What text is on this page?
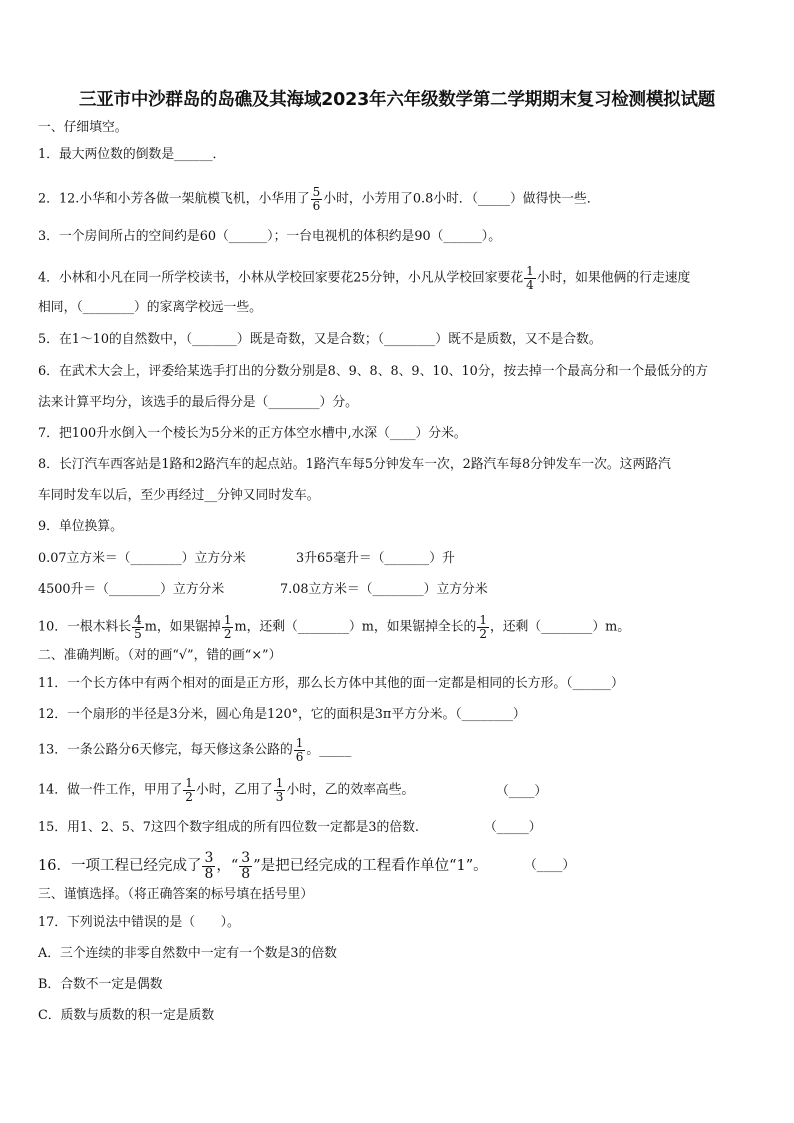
三亚市中沙群岛的岛礁及其海域2023年六年级数学第二学期期末复习检测模拟试题
一、仔细填空。
1．最大两位数的倒数是______．
2．12.小华和小芳各做一架航模飞机，小华用了 $\frac{5}{6}$ 小时，小芳用了0.8小时．（_____）做得快一些．
3．一个房间所占的空间约是60（______）；一台电视机的体积约是90（______）。
4．小林和小凡在同一所学校读书，小林从学校回家要花25分钟，小凡从学校回家要花 $\frac{1}{4}$ 小时，如果他俩的行走速度
相同，（________）的家离学校远一些。
5．在1～10的自然数中，（_______）既是奇数，又是合数；（________）既不是质数，又不是合数。
6．在武术大会上，评委给某选手打出的分数分别是8、9、8、8、9、10、10分，按去掉一个最高分和一个最低分的方
法来计算平均分，该选手的最后得分是（________）分。
7．把100升水倒入一个棱长为5分米的正方体空水槽中,水深（____）分米。
8．长汀汽车西客站是1路和2路汽车的起点站。1路汽车每5分钟发车一次，2路汽车每8分钟发车一次。这两路汽
车同时发车以后，至少再经过__分钟又同时发车。
9．单位换算。
0.07立方米＝（________）立方分米	3升65毫升＝（_______）升
4500升＝（________）立方分米	7.08立方米＝（________）立方分米
10．一根木料长 $\frac{4}{5}$ m，如果锯掉 $\frac{1}{2}$ m，还剩（________）m，如果锯掉全长的 $\frac{1}{2}$ ，还剩（________）m。
二、准确判断。（对的画“√”，错的画“×”）
11．一个长方体中有两个相对的面是正方形，那么长方体中其他的面一定都是相同的长方形。（______）
12．一个扇形的半径是3分米，圆心角是120°，它的面积是3π平方分米。（________）
13．一条公路分6天修完，每天修这条公路的 $\frac{1}{6}$ 。_____
14．做一件工作，甲用了 $\frac{1}{2}$ 小时，乙用了 $\frac{1}{3}$ 小时，乙的效率高些。	（____）
15．用1、2、5、7这四个数字组成的所有四位数一定都是3的倍数.	（_____）
16．一项工程已经完成了 $\frac{3}{8}$ ，“ $\frac{3}{8}$ ”是把已经完成的工程看作单位“1”。	（____）
三、谨慎选择。（将正确答案的标号填在括号里）
17．下列说法中错误的是（　　）。
A．三个连续的非零自然数中一定有一个数是3的倍数
B．合数不一定是偶数
C．质数与质数的积一定是质数
